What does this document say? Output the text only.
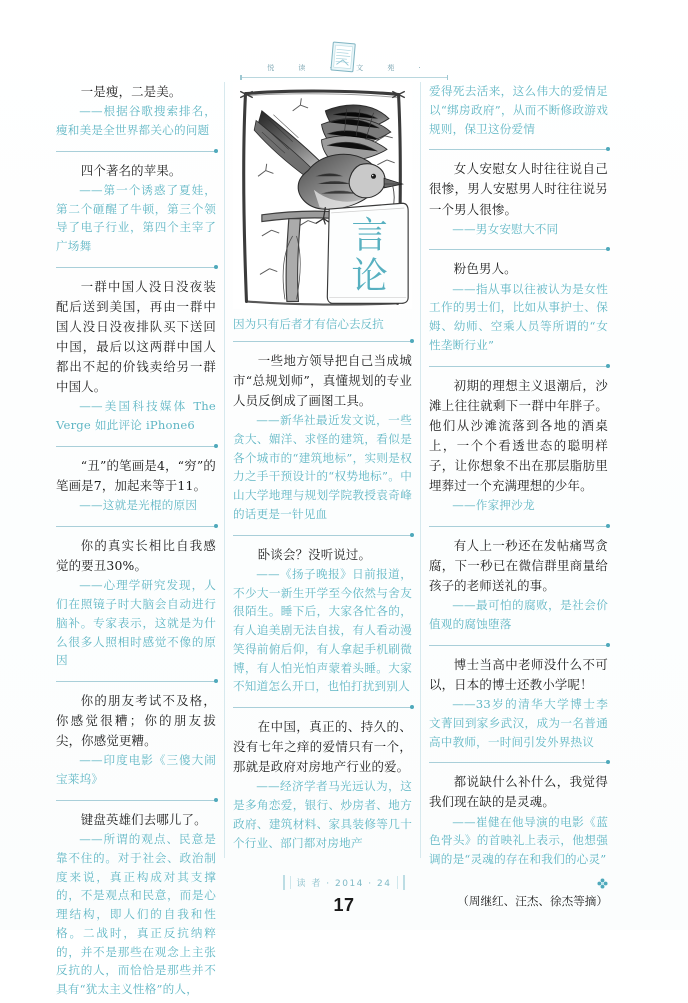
悦 读 · 文 苑 ·

一是瘦，二是美。

——根据谷歌搜索排名，瘦和美是全世界都关心的问题

四个著名的苹果。

——第一个诱惑了夏娃，第二个砸醒了牛顿，第三个领导了电子行业，第四个主宰了广场舞

一群中国人没日没夜装配后送到美国，再由一群中国人没日没夜排队买下送回中国，最后以这两群中国人都出不起的价钱卖给另一群中国人。

——美国科技媒体 The Verge 如此评论 iPhone6

“丑”的笔画是4，“穷”的笔画是7，加起来等于11。

——这就是光棍的原因

你的真实长相比自我感觉的要丑30%。

——心理学研究发现，人们在照镜子时大脑会自动进行脑补。专家表示，这就是为什么很多人照相时感觉不像的原因

你的朋友考试不及格，你感觉很糟；你的朋友拔尖，你感觉更糟。

——印度电影《三傻大闹宝莱坞》

键盘英雄们去哪儿了。

——所谓的观点、民意是靠不住的。对于社会、政治制度来说，真正构成对其支撑的，不是观点和民意，而是心理结构，即人们的自我和性格。二战时，真正反抗纳粹的，并不是那些在观念上主张反抗的人，而恰恰是那些并不具有“犹太主义性格”的人，

言
论

因为只有后者才有信心去反抗

一些地方领导把自己当成城市“总规划师”，真懂规划的专业人员反倒成了画图工具。

——新华社最近发文说，一些贪大、媚洋、求怪的建筑，看似是各个城市的“建筑地标”，实则是权力之手干预设计的“权势地标”。中山大学地理与规划学院教授袁奇峰的话更是一针见血

卧谈会？没听说过。

——《扬子晚报》日前报道，不少大一新生开学至今依然与舍友很陌生。睡下后，大家各忙各的，有人追美剧无法自拔，有人看动漫笑得前俯后仰，有人拿起手机刷微博，有人怕光怕声蒙着头睡。大家不知道怎么开口，也怕打扰到别人

在中国，真正的、持久的、没有七年之痒的爱情只有一个，那就是政府对房地产行业的爱。

——经济学者马光远认为，这是多角恋爱，银行、炒房者、地方政府、建筑材料、家具装修等几十个行业、部门都对房地产

爱得死去活来，这么伟大的爱情足以“绑房政府”，从而不断修政游戏规则，保卫这份爱情

女人安慰女人时往往说自己很惨，男人安慰男人时往往说另一个男人很惨。

——男女安慰大不同

粉色男人。

——指从事以往被认为是女性工作的男士们，比如从事护士、保姆、幼师、空乘人员等所谓的“女性垄断行业”

初期的理想主义退潮后，沙滩上往往就剩下一群中年胖子。他们从沙滩流落到各地的酒桌上，一个个看透世态的聪明样子，让你想象不出在那层脂肪里埋葬过一个充满理想的少年。

——作家押沙龙

有人上一秒还在发帖痛骂贪腐，下一秒已在微信群里商量给孩子的老师送礼的事。

——最可怕的腐败，是社会价值观的腐蚀堕落

博士当高中老师没什么不可以，日本的博士还教小学呢！

——33岁的清华大学博士李文菁回到家乡武汉，成为一名普通高中教师，一时间引发外界热议

都说缺什么补什么，我觉得我们现在缺的是灵魂。

——崔健在他导演的电影《蓝色骨头》的首映礼上表示，他想强调的是“灵魂的存在和我们的心灵”

（周继红、汪杰、徐杰等摘）

读 者 · 2014 · 24
17
